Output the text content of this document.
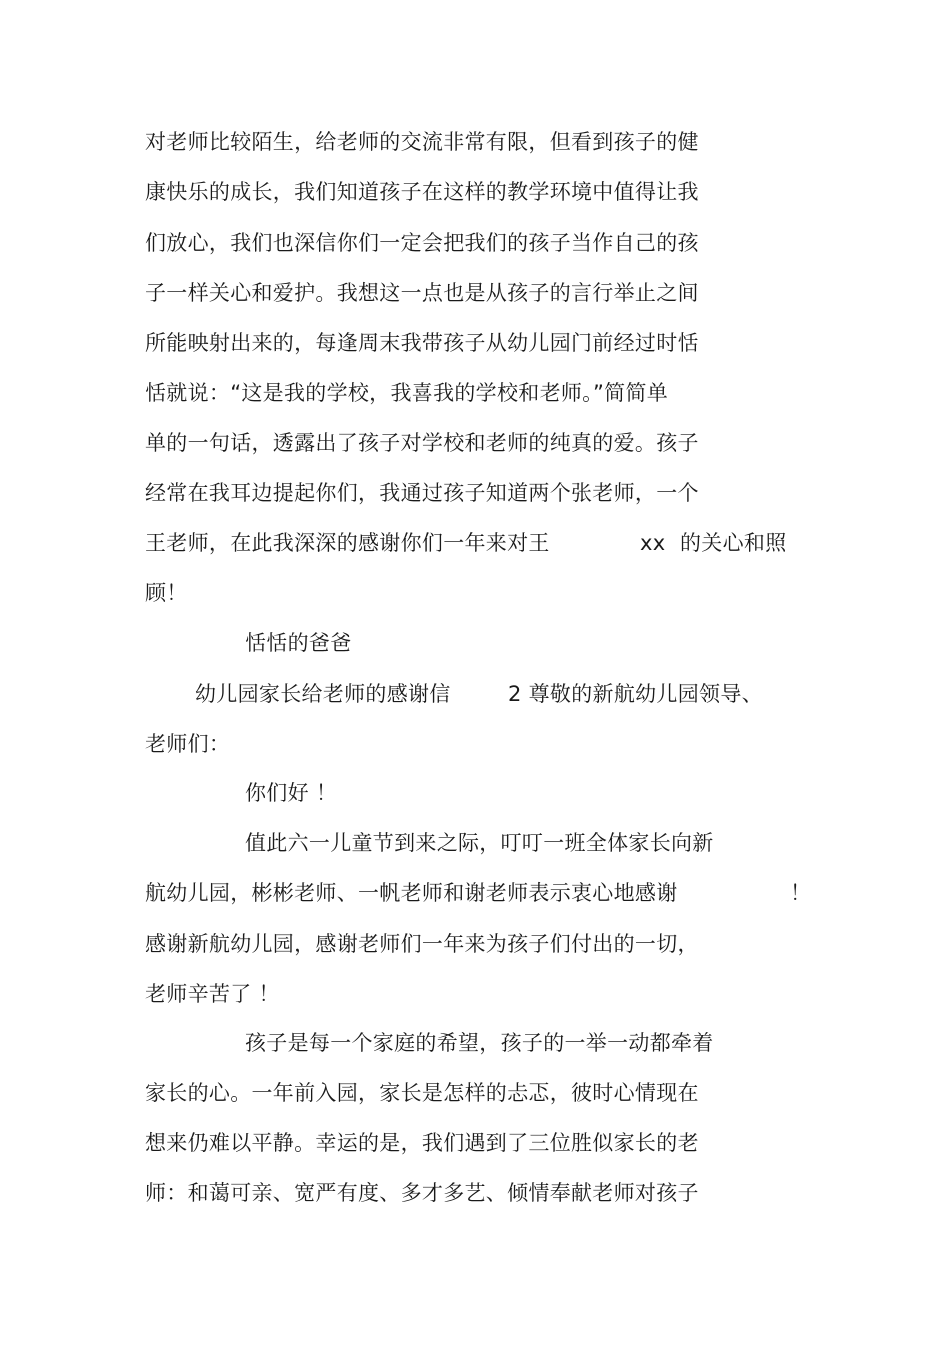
对老师比较陌生，给老师的交流非常有限，但看到孩子的健
康快乐的成长，我们知道孩子在这样的教学环境中值得让我
们放心，我们也深信你们一定会把我们的孩子当作自己的孩
子一样关心和爱护。我想这一点也是从孩子的言行举止之间
所能映射出来的，每逢周末我带孩子从幼儿园门前经过时恬
恬就说：“这是我的学校，我喜我的学校和老师。”简简单
单的一句话，透露出了孩子对学校和老师的纯真的爱。孩子
经常在我耳边提起你们，我通过孩子知道两个张老师，一个
王老师，在此我深深的感谢你们一年来对王	xx 的关心和照
顾！
恬恬的爸爸
幼儿园家长给老师的感谢信	2 尊敬的新航幼儿园领导、
老师们：
你们好 ！
值此六一儿童节到来之际，叮叮一班全体家长向新
航幼儿园，彬彬老师、一帆老师和谢老师表示衷心地感谢	！
感谢新航幼儿园，感谢老师们一年来为孩子们付出的一切，
老师辛苦了 ！
孩子是每一个家庭的希望，孩子的一举一动都牵着
家长的心。一年前入园，家长是怎样的忐忑，彼时心情现在
想来仍难以平静。幸运的是，我们遇到了三位胜似家长的老
师：和蔼可亲、宽严有度、多才多艺、倾情奉献老师对孩子
